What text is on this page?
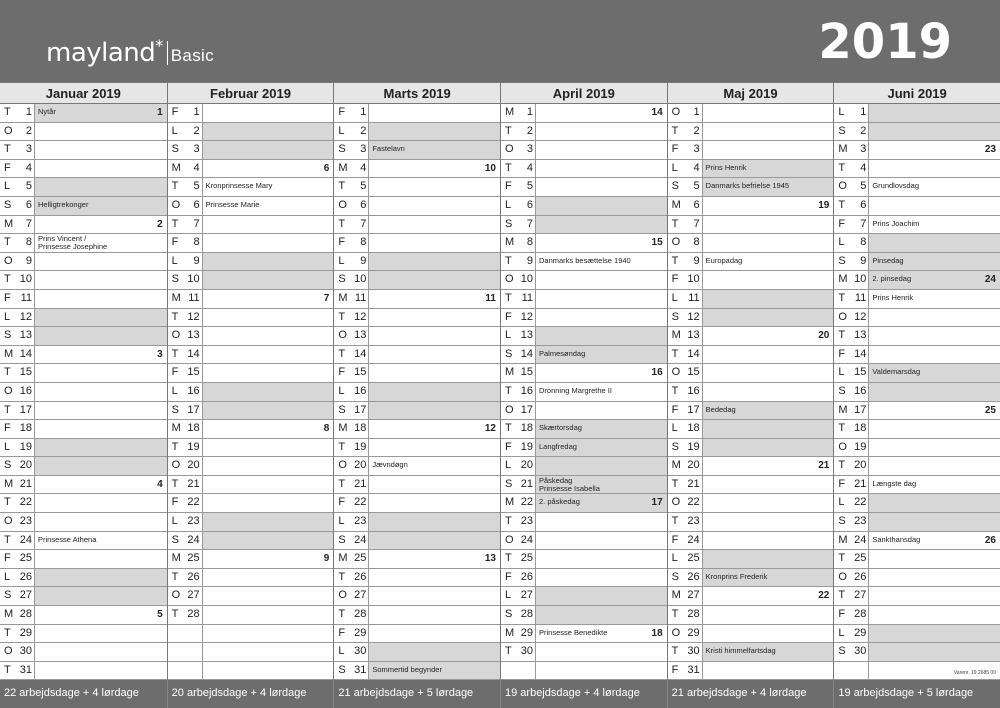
mayland*Basic	2019
Januar 2019
T	1 Nytår	1
O	2
T	3
F	4
L	5
S	6 Helligtrekonger
M	7	2
T	8 Prins Vincent /
Prinsesse Josephine
O	9
T 10
F 11
L 12
S 13
M 14	3
T 15
O 16
T 17
F 18
L 19
S 20
M 21	4
T 22
O 23
T 24 Prinsesse Athena
F 25
L 26
S 27
M 28	5
T 29
O 30
T 31
Februar 2019
F	1
L	2
S	3
M	4	6
T	5 Kronprinsesse Mary
O	6 Prinsesse Marie
T	7
F	8
L	9
S 10
M 11	7
T 12
O 13
T 14
F 15
L 16
S 17
M 18	8
T 19
O 20
T 21
F 22
L 23
S 24
M 25	9
T 26
O 27
T 28
Marts 2019
F	1
L	2
S	3 Fastelavn
M	4	10
T	5
O	6
T	7
F	8
L	9
S 10
M 11	11
T 12
O 13
T 14
F 15
L 16
S 17
M 18	12
T 19
O 20 Jævndøgn
T 21
F 22
L 23
S 24
M 25	13
T 26
O 27
T 28
F 29
L 30
S 31 Sommertid begynder
April 2019
M	1	14
T	2
O	3
T	4
F	5
L	6
S	7
M	8	15
T	9 Danmarks besættelse 1940
O 10
T 11
F 12
L 13
S 14 Palmesøndag
M 15	16
T 16 Dronning Margrethe II
O 17
T 18 Skærtorsdag
F 19 Langfredag
L 20
S 21 Påskedag
Prinsesse Isabella
M 22 2. påskedag	17
T 23
O 24
T 25
F 26
L 27
S 28
M 29 Prinsesse Benedikte	18
T 30
Maj 2019
O	1
T	2
F	3
L	4 Prins Henrik
S	5 Danmarks befrielse 1945
M	6	19
T	7
O	8
T	9 Europadag
F 10
L 11
S 12
M 13	20
T 14
O 15
T 16
F 17 Bededag
L 18
S 19
M 20	21
T 21
O 22
T 23
F 24
L 25
S 26 Kronprins Frederik
M 27	22
T 28
O 29
T 30 Kristi himmelfartsdag
F 31
Juni 2019
L	1
S	2
M	3	23
T	4
O	5 Grundlovsdag
T	6
F	7 Prins Joachim
L	8
S	9 Pinsedag
M 10 2. pinsedag	24
T 11 Prins Henrik
O 12
T 13
F 14
L 15 Valdemarsdag
S 16
M 17	25
T 18
O 19
T 20
F 21 Længste dag
L 22
S 23
M 24 Sankthansdag	26
T 25
O 26
T 27
F 28
L 29
S 30
22 arbejdsdage + 4 lørdage	20 arbejdsdage + 4 lørdage	21 arbejdsdage + 5 lørdage	19 arbejdsdage + 4 lørdage	21 arbejdsdage + 4 lørdage	19 arbejdsdage + 5 lørdage
Varenr. 19 2685 00
